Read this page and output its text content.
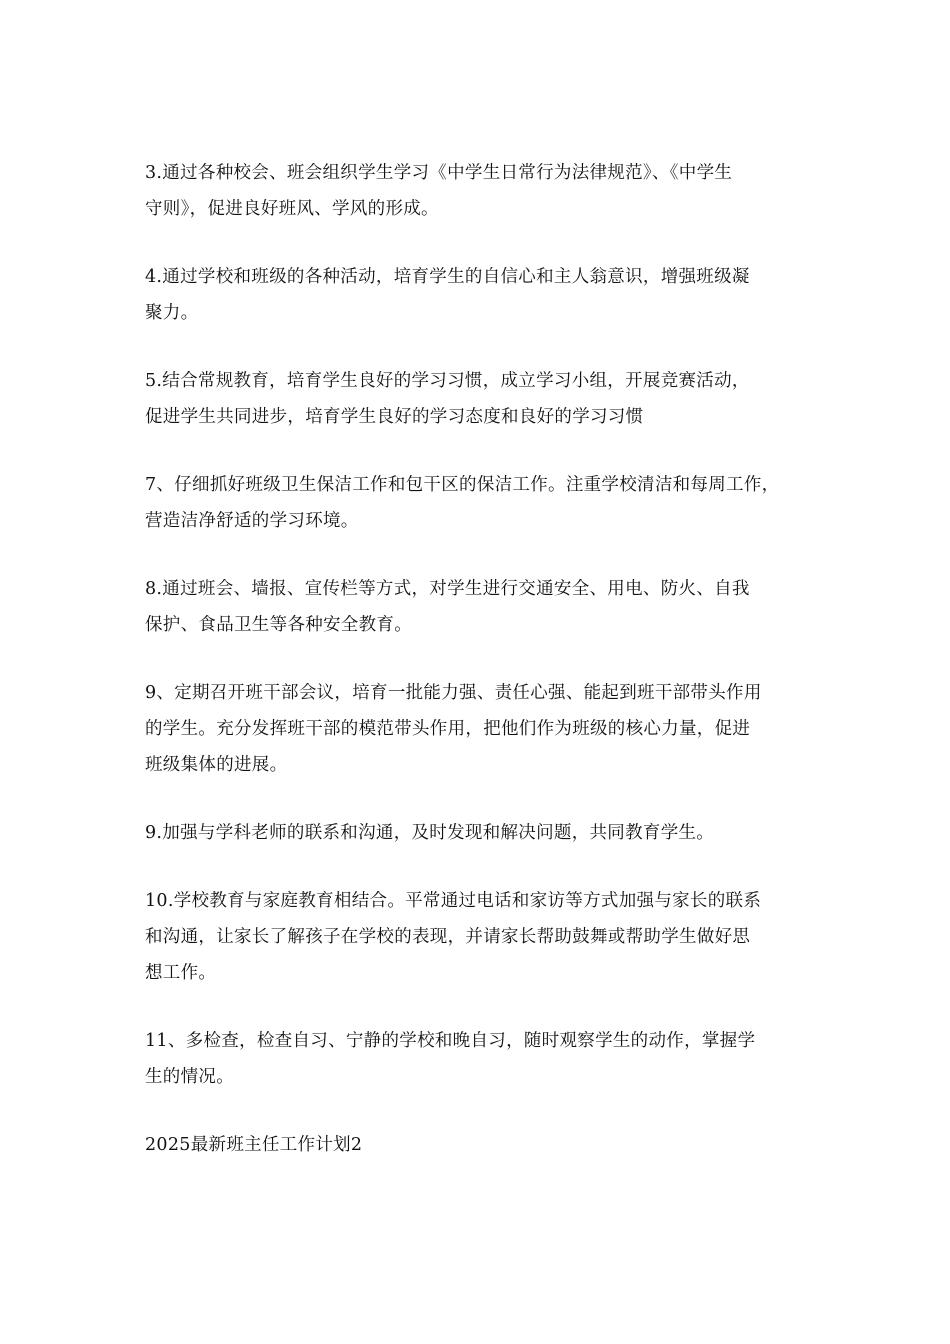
3.通过各种校会、班会组织学生学习《中学生日常行为法律规范》、《中学生
守则》，促进良好班风、学风的形成。

4.通过学校和班级的各种活动，培育学生的自信心和主人翁意识，增强班级凝
聚力。

5.结合常规教育，培育学生良好的学习习惯，成立学习小组，开展竞赛活动，
促进学生共同进步，培育学生良好的学习态度和良好的学习习惯

7、仔细抓好班级卫生保洁工作和包干区的保洁工作。注重学校清洁和每周工作，
营造洁净舒适的学习环境。

8.通过班会、墙报、宣传栏等方式，对学生进行交通安全、用电、防火、自我
保护、食品卫生等各种安全教育。

9、定期召开班干部会议，培育一批能力强、责任心强、能起到班干部带头作用
的学生。充分发挥班干部的模范带头作用，把他们作为班级的核心力量，促进
班级集体的进展。

9.加强与学科老师的联系和沟通，及时发现和解决问题，共同教育学生。

10.学校教育与家庭教育相结合。平常通过电话和家访等方式加强与家长的联系
和沟通，让家长了解孩子在学校的表现，并请家长帮助鼓舞或帮助学生做好思
想工作。

11、多检查，检查自习、宁静的学校和晚自习，随时观察学生的动作，掌握学
生的情况。

2025最新班主任工作计划2
